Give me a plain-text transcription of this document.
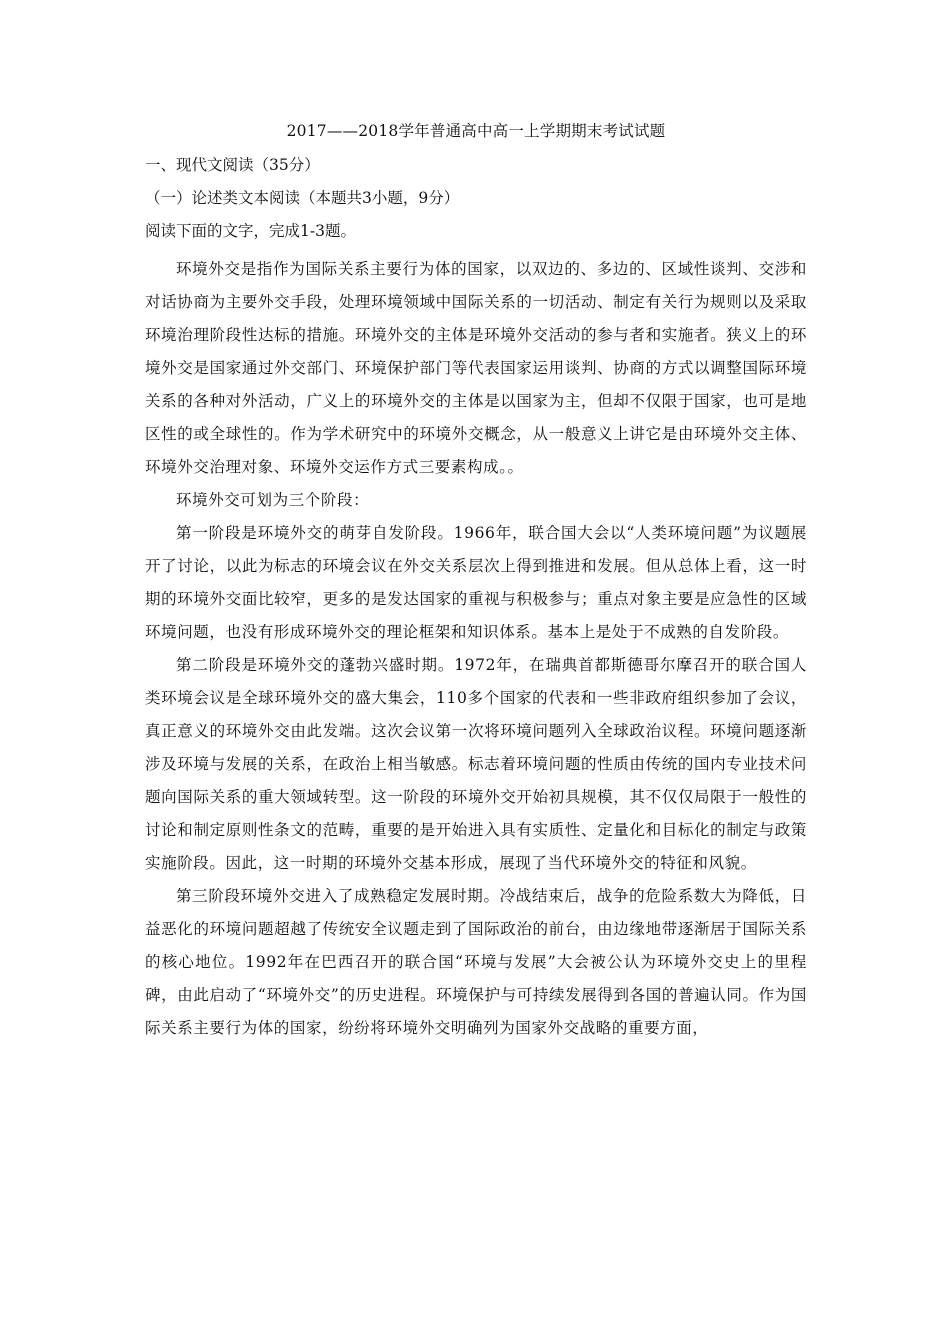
2017——2018学年普通高中高一上学期期末考试试题
一、现代文阅读（35分）
（一）论述类文本阅读（本题共3小题，9分）
阅读下面的文字，完成1-3题。

环境外交是指作为国际关系主要行为体的国家，以双边的、多边的、区域性谈判、交涉和对话协商为主要外交手段，处理环境领域中国际关系的一切活动、制定有关行为规则以及采取环境治理阶段性达标的措施。环境外交的主体是环境外交活动的参与者和实施者。狭义上的环境外交是国家通过外交部门、环境保护部门等代表国家运用谈判、协商的方式以调整国际环境关系的各种对外活动，广义上的环境外交的主体是以国家为主，但却不仅限于国家，也可是地区性的或全球性的。作为学术研究中的环境外交概念，从一般意义上讲它是由环境外交主体、环境外交治理对象、环境外交运作方式三要素构成。。

环境外交可划为三个阶段：

第一阶段是环境外交的萌芽自发阶段。1966年，联合国大会以“人类环境问题”为议题展开了讨论，以此为标志的环境会议在外交关系层次上得到推进和发展。但从总体上看，这一时期的环境外交面比较窄，更多的是发达国家的重视与积极参与；重点对象主要是应急性的区域环境问题，也没有形成环境外交的理论框架和知识体系。基本上是处于不成熟的自发阶段。

第二阶段是环境外交的蓬勃兴盛时期。1972年，在瑞典首都斯德哥尔摩召开的联合国人类环境会议是全球环境外交的盛大集会，110多个国家的代表和一些非政府组织参加了会议，真正意义的环境外交由此发端。这次会议第一次将环境问题列入全球政治议程。环境问题逐渐涉及环境与发展的关系，在政治上相当敏感。标志着环境问题的性质由传统的国内专业技术问题向国际关系的重大领域转型。这一阶段的环境外交开始初具规模，其不仅仅局限于一般性的讨论和制定原则性条文的范畴，重要的是开始进入具有实质性、定量化和目标化的制定与政策实施阶段。因此，这一时期的环境外交基本形成，展现了当代环境外交的特征和风貌。

第三阶段环境外交进入了成熟稳定发展时期。冷战结束后，战争的危险系数大为降低，日益恶化的环境问题超越了传统安全议题走到了国际政治的前台，由边缘地带逐渐居于国际关系的核心地位。1992年在巴西召开的联合国“环境与发展”大会被公认为环境外交史上的里程碑，由此启动了“环境外交”的历史进程。环境保护与可持续发展得到各国的普遍认同。作为国际关系主要行为体的国家，纷纷将环境外交明确列为国家外交战略的重要方面，
